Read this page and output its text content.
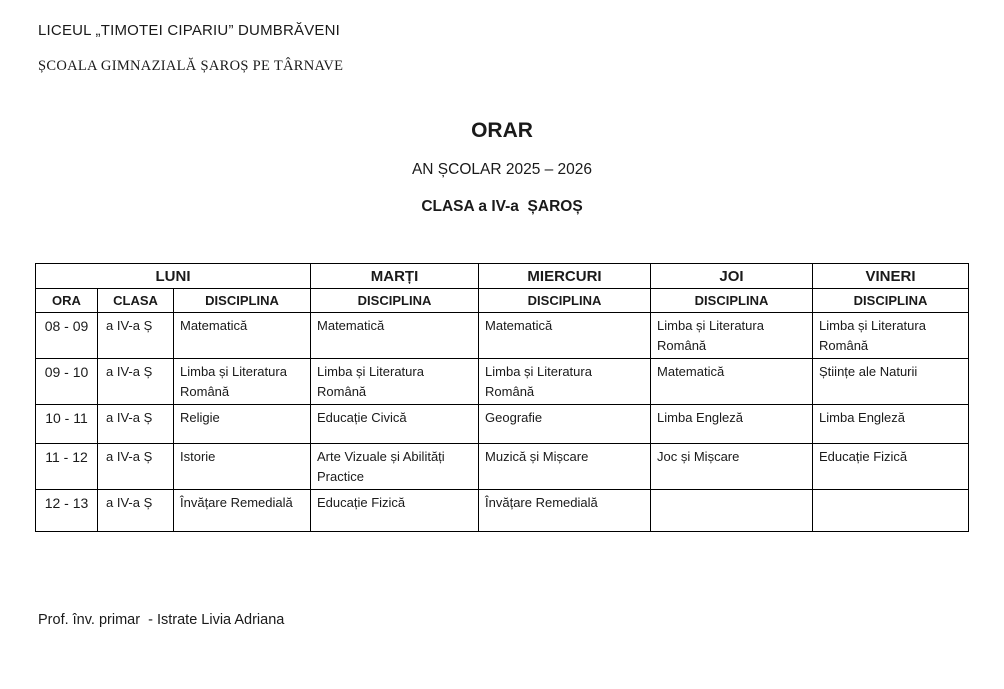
LICEUL „TIMOTEI CIPARIU” DUMBRĂVENI
ȘCOALA GIMNAZIALĂ ȘAROȘ PE TÂRNAVE
ORAR
AN ȘCOLAR 2025 – 2026
CLASA a IV-a  ȘAROȘ
LUNI			MARȚI	MIERCURI	JOI	VINERI
ORA	CLASA	DISCIPLINA	DISCIPLINA	DISCIPLINA	DISCIPLINA	DISCIPLINA
08 - 09	a IV-a Ș	Matematică	Matematică	Matematică	Limba și Literatura Română	Limba și Literatura Română
09 - 10	a IV-a Ș	Limba și Literatura Română	Limba și Literatura Română	Limba și Literatura Română	Matematică	Științe ale Naturii
10 - 11	a IV-a Ș	Religie	Educație Civică	Geografie	Limba Engleză	Limba Engleză
11 - 12	a IV-a Ș	Istorie	Arte Vizuale și Abilități Practice	Muzică și Mișcare	Joc și Mișcare	Educație Fizică
12 - 13	a IV-a Ș	Învățare Remedială	Educație Fizică	Învățare Remedială		
Prof. înv. primar  - Istrate Livia Adriana
